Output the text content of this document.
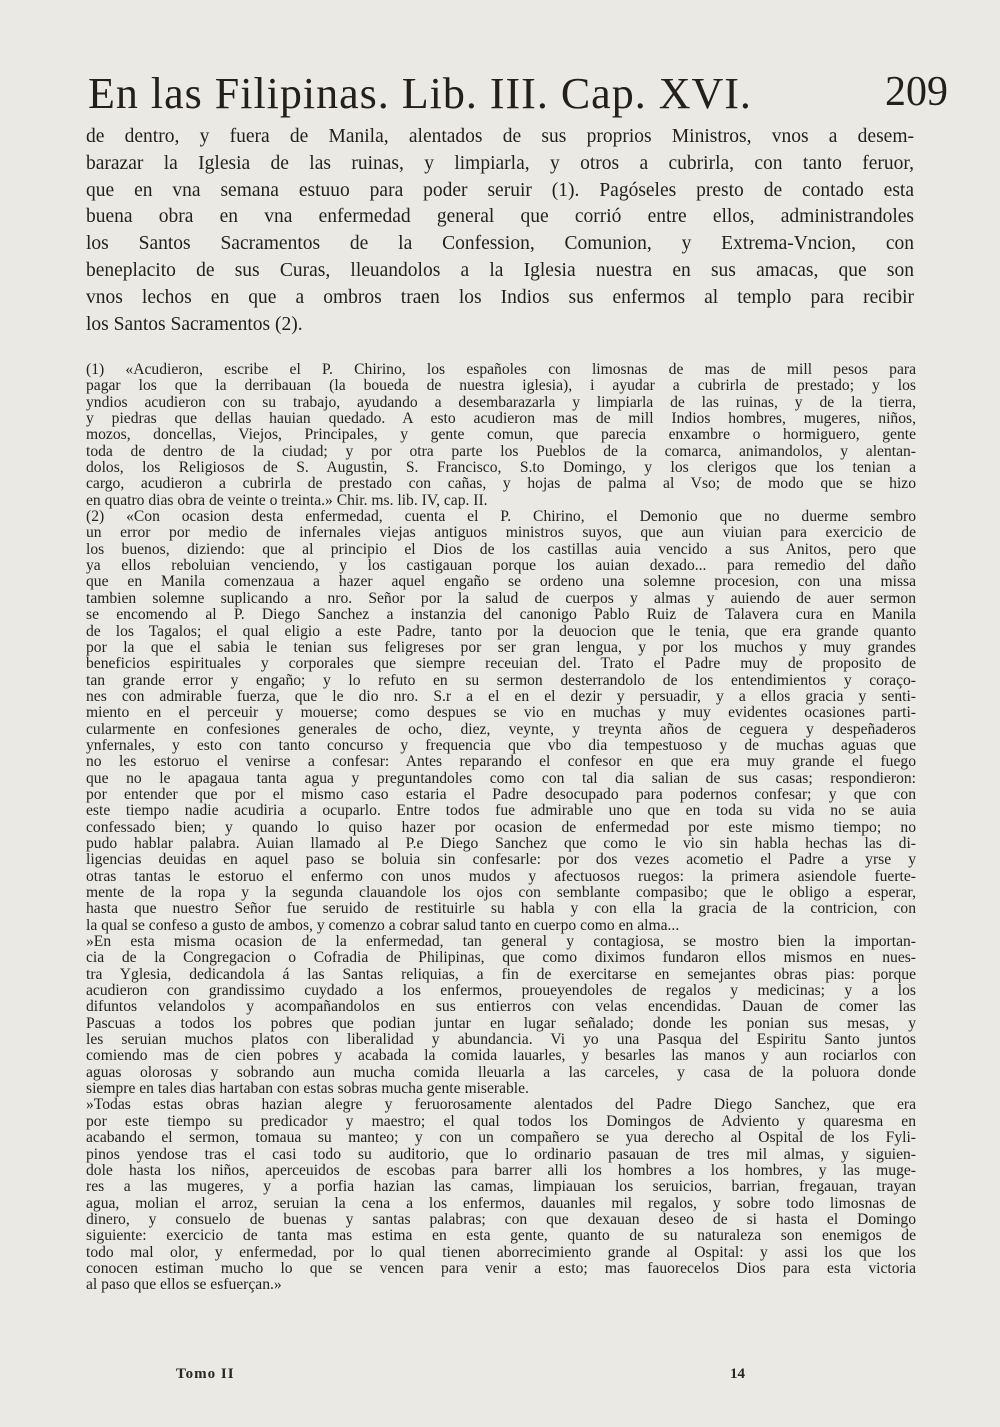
En las Filipinas. Lib. III. Cap. XVI.	209
de dentro, y fuera de Manila, alentados de sus proprios Ministros, vnos a desem-
barazar la Iglesia de las ruinas, y limpiarla, y otros a cubrirla, con tanto feruor,
que en vna semana estuuo para poder seruir (1). Pagóseles presto de contado esta
buena obra en vna enfermedad general que corrió entre ellos, administrandoles
los Santos Sacramentos de la Confession, Comunion, y Extrema-Vncion, con
beneplacito de sus Curas, lleuandolos a la Iglesia nuestra en sus amacas, que son
vnos lechos en que a ombros traen los Indios sus enfermos al templo para recibir
los Santos Sacramentos (2).
(1) «Acudieron, escribe el P. Chirino, los españoles con limosnas de mas de mill pesos para
pagar los que la derribauan (la boueda de nuestra iglesia), i ayudar a cubrirla de prestado; y los
yndios acudieron con su trabajo, ayudando a desembarazarla y limpiarla de las ruinas, y de la tierra,
y piedras que dellas hauian quedado. A esto acudieron mas de mill Indios hombres, mugeres, niños,
mozos, doncellas, Viejos, Principales, y gente comun, que parecia enxambre o hormiguero, gente
toda de dentro de la ciudad; y por otra parte los Pueblos de la comarca, animandolos, y alentan-
dolos, los Religiosos de S. Augustin, S. Francisco, S.to Domingo, y los clerigos que los tenian a
cargo, acudieron a cubrirla de prestado con cañas, y hojas de palma al Vso; de modo que se hizo
en quatro dias obra de veinte o treinta.» Chir. ms. lib. IV, cap. II.
(2) «Con ocasion desta enfermedad, cuenta el P. Chirino, el Demonio que no duerme sembro
un error por medio de infernales viejas antiguos ministros suyos, que aun viuian para exercicio de
los buenos, diziendo: que al principio el Dios de los castillas auia vencido a sus Anitos, pero que
ya ellos reboluian venciendo, y los castigauan porque los auian dexado... para remedio del daño
que en Manila comenzaua a hazer aquel engaño se ordeno una solemne procesion, con una missa
tambien solemne suplicando a nro. Señor por la salud de cuerpos y almas y auiendo de auer sermon
se encomendo al P. Diego Sanchez a instanzia del canonigo Pablo Ruiz de Talavera cura en Manila
de los Tagalos; el qual eligio a este Padre, tanto por la deuocion que le tenia, que era grande quanto
por la que el sabia le tenian sus feligreses por ser gran lengua, y por los muchos y muy grandes
beneficios espirituales y corporales que siempre receuian del. Trato el Padre muy de proposito de
tan grande error y engaño; y lo refuto en su sermon desterrandolo de los entendimientos y coraço-
nes con admirable fuerza, que le dio nro. S.r a el en el dezir y persuadir, y a ellos gracia y senti-
miento en el perceuir y mouerse; como despues se vio en muchas y muy evidentes ocasiones parti-
cularmente en confesiones generales de ocho, diez, veynte, y treynta años de ceguera y despeñaderos
ynfernales, y esto con tanto concurso y frequencia que vbo dia tempestuoso y de muchas aguas que
no les estoruo el venirse a confesar: Antes reparando el confesor en que era muy grande el fuego
que no le apagaua tanta agua y preguntandoles como con tal dia salian de sus casas; respondieron:
por entender que por el mismo caso estaria el Padre desocupado para podernos confesar; y que con
este tiempo nadie acudiria a ocuparlo. Entre todos fue admirable uno que en toda su vida no se auia
confessado bien; y quando lo quiso hazer por ocasion de enfermedad por este mismo tiempo; no
pudo hablar palabra. Auian llamado al P.e Diego Sanchez que como le vio sin habla hechas las di-
ligencias deuidas en aquel paso se boluia sin confesarle: por dos vezes acometio el Padre a yrse y
otras tantas le estoruo el enfermo con unos mudos y afectuosos ruegos: la primera asiendole fuerte-
mente de la ropa y la segunda clauandole los ojos con semblante compasibo; que le obligo a esperar,
hasta que nuestro Señor fue seruido de restituirle su habla y con ella la gracia de la contricion, con
la qual se confeso a gusto de ambos, y comenzo a cobrar salud tanto en cuerpo como en alma...
»En esta misma ocasion de la enfermedad, tan general y contagiosa, se mostro bien la importan-
cia de la Congregacion o Cofradia de Philipinas, que como diximos fundaron ellos mismos en nues-
tra Yglesia, dedicandola á las Santas reliquias, a fin de exercitarse en semejantes obras pias: porque
acudieron con grandissimo cuydado a los enfermos, proueyendoles de regalos y medicinas; y a los
difuntos velandolos y acompañandolos en sus entierros con velas encendidas. Dauan de comer las
Pascuas a todos los pobres que podian juntar en lugar señalado; donde les ponian sus mesas, y
les seruian muchos platos con liberalidad y abundancia. Vi yo una Pasqua del Espiritu Santo juntos
comiendo mas de cien pobres y acabada la comida lauarles, y besarles las manos y aun rociarlos con
aguas olorosas y sobrando aun mucha comida lleuarla a las carceles, y casa de la poluora donde
siempre en tales dias hartaban con estas sobras mucha gente miserable.
»Todas estas obras hazian alegre y feruorosamente alentados del Padre Diego Sanchez, que era
por este tiempo su predicador y maestro; el qual todos los Domingos de Adviento y quaresma en
acabando el sermon, tomaua su manteo; y con un compañero se yua derecho al Ospital de los Fyli-
pinos yendose tras el casi todo su auditorio, que lo ordinario pasauan de tres mil almas, y siguien-
dole hasta los niños, aperceuidos de escobas para barrer alli los hombres a los hombres, y las muge-
res a las mugeres, y a porfia hazian las camas, limpiauan los seruicios, barrian, fregauan, trayan
agua, molian el arroz, seruian la cena a los enfermos, dauanles mil regalos, y sobre todo limosnas de
dinero, y consuelo de buenas y santas palabras; con que dexauan deseo de si hasta el Domingo
siguiente: exercicio de tanta mas estima en esta gente, quanto de su naturaleza son enemigos de
todo mal olor, y enfermedad, por lo qual tienen aborrecimiento grande al Ospital: y assi los que los
conocen estiman mucho lo que se vencen para venir a esto; mas fauorecelos Dios para esta victoria
al paso que ellos se esfuerçan.»
Tomo II	14
